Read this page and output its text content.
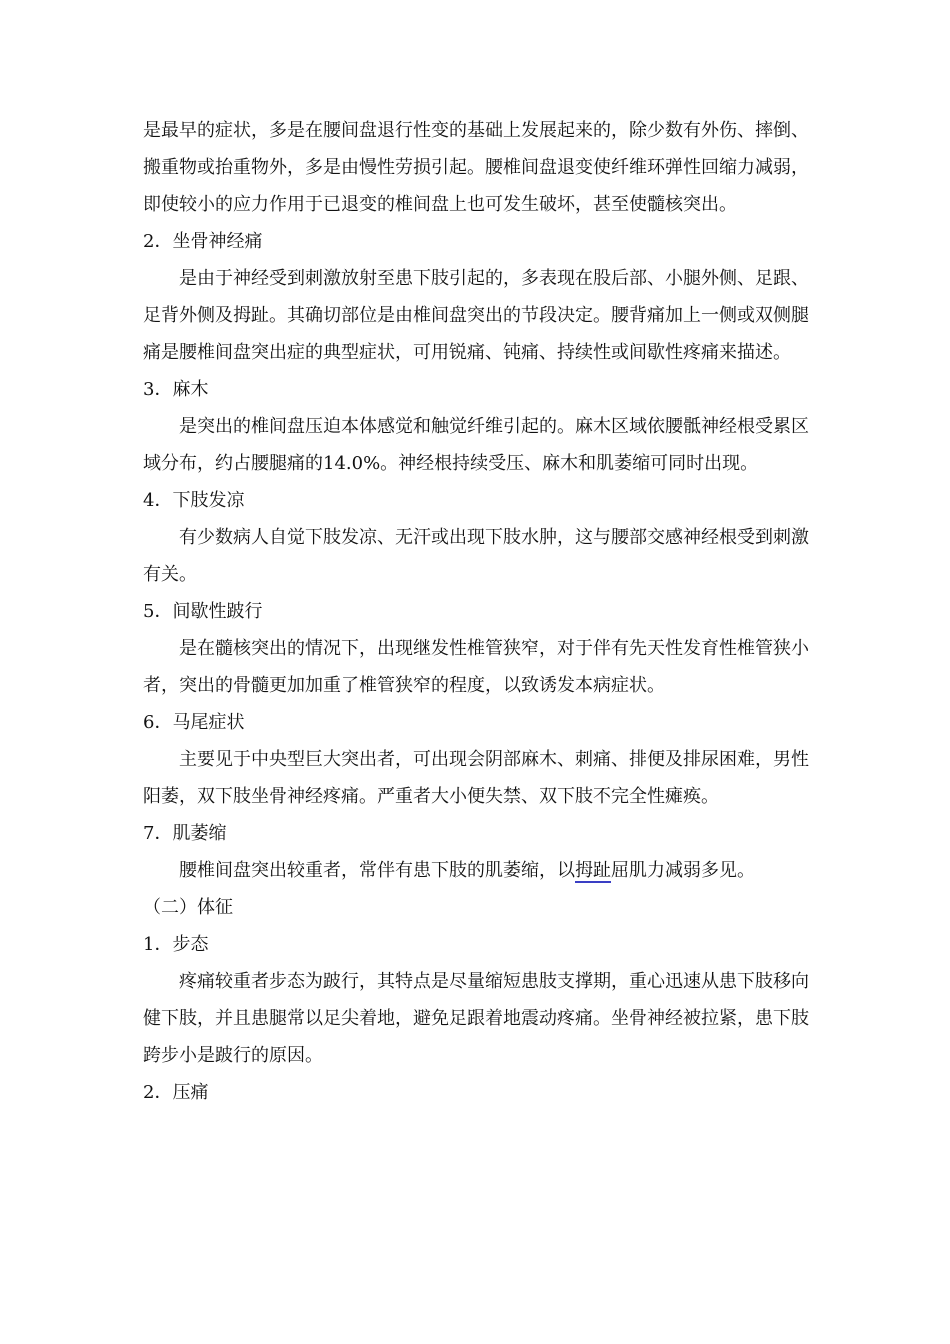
是最早的症状，多是在腰间盘退行性变的基础上发展起来的，除少数有外伤、摔倒、搬重物或抬重物外，多是由慢性劳损引起。腰椎间盘退变使纤维环弹性回缩力减弱，即使较小的应力作用于已退变的椎间盘上也可发生破坏，甚至使髓核突出。

2．坐骨神经痛

是由于神经受到刺激放射至患下肢引起的，多表现在股后部、小腿外侧、足跟、足背外侧及拇趾。其确切部位是由椎间盘突出的节段决定。腰背痛加上一侧或双侧腿痛是腰椎间盘突出症的典型症状，可用锐痛、钝痛、持续性或间歇性疼痛来描述。

3．麻木

是突出的椎间盘压迫本体感觉和触觉纤维引起的。麻木区域依腰骶神经根受累区域分布，约占腰腿痛的14.0%。神经根持续受压、麻木和肌萎缩可同时出现。

4．下肢发凉

有少数病人自觉下肢发凉、无汗或出现下肢水肿，这与腰部交感神经根受到刺激有关。

5．间歇性跛行

是在髓核突出的情况下，出现继发性椎管狭窄，对于伴有先天性发育性椎管狭小者，突出的骨髓更加加重了椎管狭窄的程度，以致诱发本病症状。

6．马尾症状

主要见于中央型巨大突出者，可出现会阴部麻木、刺痛、排便及排尿困难，男性阳萎，双下肢坐骨神经疼痛。严重者大小便失禁、双下肢不完全性瘫痪。

7．肌萎缩

腰椎间盘突出较重者，常伴有患下肢的肌萎缩，以拇趾屈肌力减弱多见。

（二）体征

1．步态

疼痛较重者步态为跛行，其特点是尽量缩短患肢支撑期，重心迅速从患下肢移向健下肢，并且患腿常以足尖着地，避免足跟着地震动疼痛。坐骨神经被拉紧，患下肢跨步小是跛行的原因。

2．压痛
